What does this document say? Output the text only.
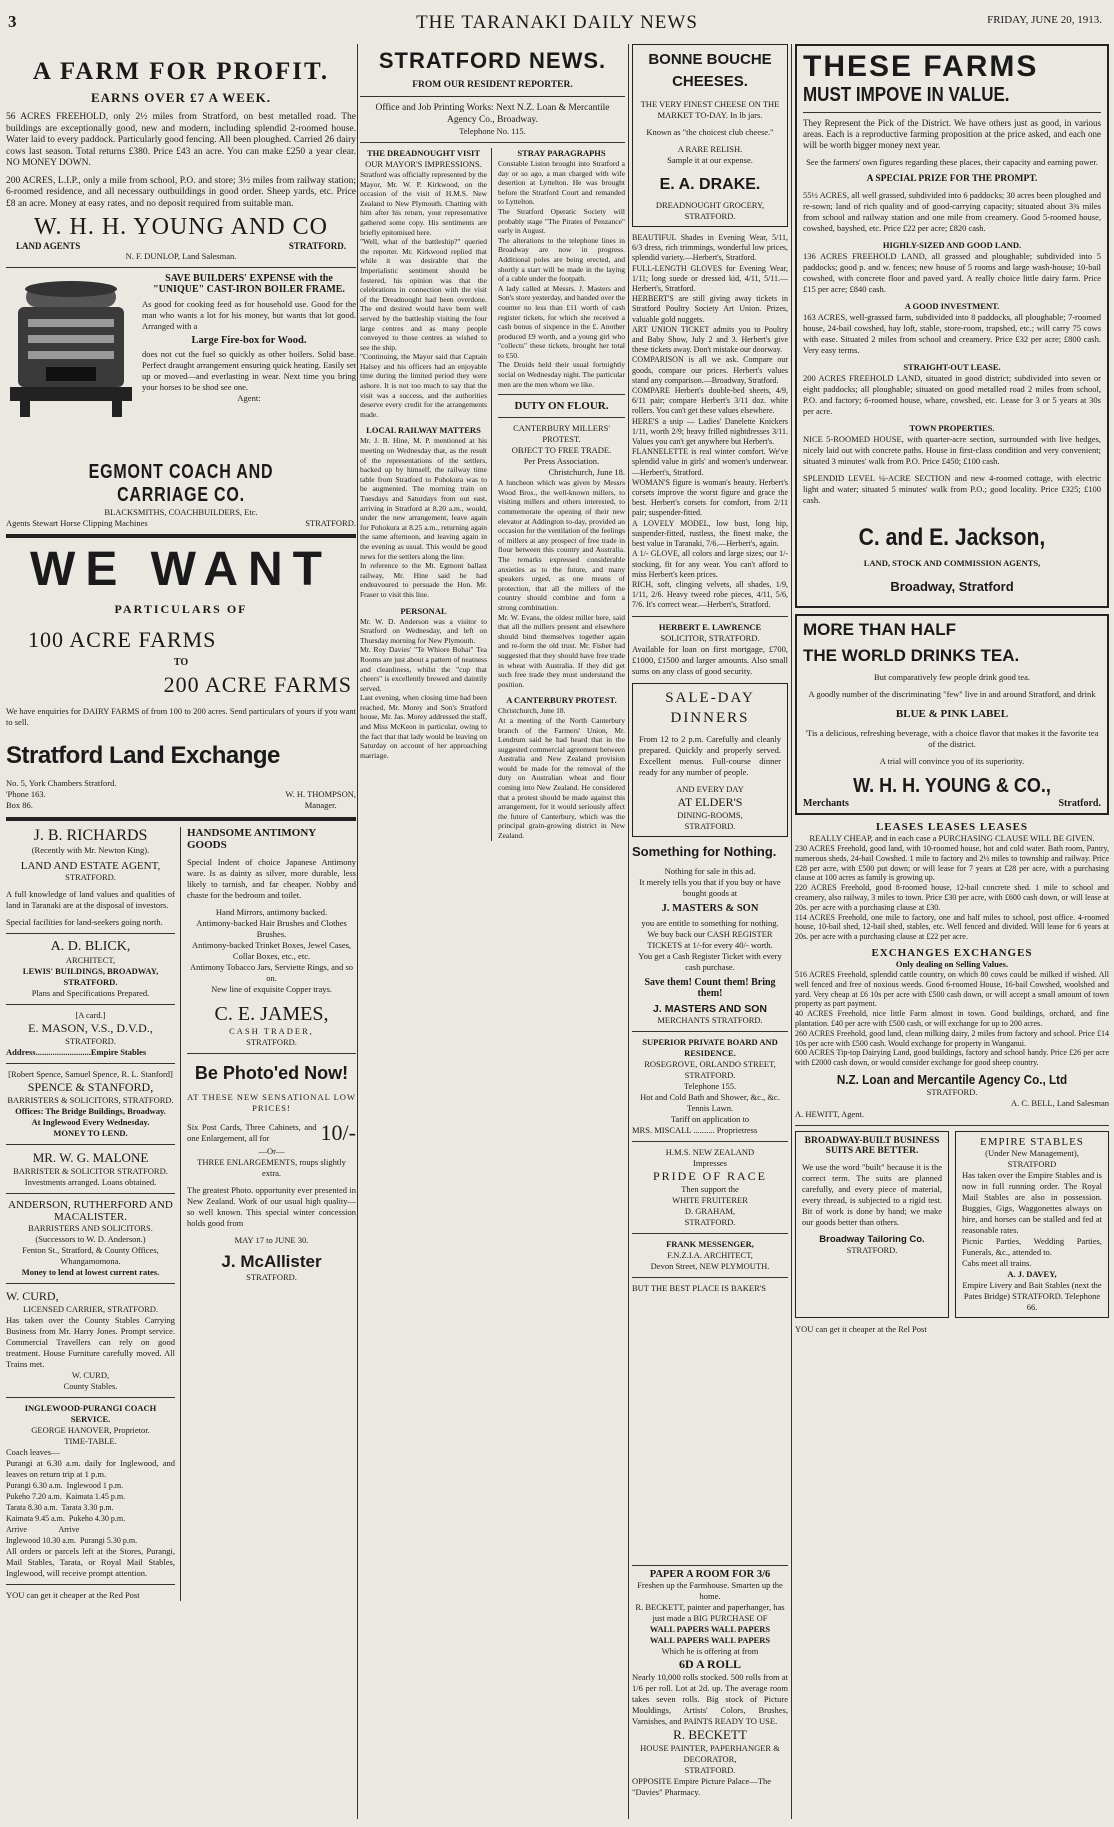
3	THE TARANAKI DAILY NEWS	FRIDAY, JUNE 20, 1913.
A FARM FOR PROFIT.
EARNS OVER £7 A WEEK.

56 ACRES FREEHOLD, only 2½ miles from Stratford, on best metalled road. The buildings are exceptionally good, new and modern, including splendid 2-roomed house. Water laid to every paddock. Particularly good fencing. All been ploughed. Carried 26 dairy cows last season. Total returns £380. Price £43 an acre. You can make £250 a year clear. NO MONEY DOWN.

200 ACRES, L.I.P., only a mile from school, P.O. and store; 3½ miles from railway station; 6-roomed residence, and all necessary outbuildings in good order. Sheep yards, etc. Price £8 an acre. Money at easy rates, and no deposit required from suitable man.

W. H. H. YOUNG AND CO
LAND AGENTS	STRATFORD.
N. F. DUNLOP, Land Salesman.
SAVE BUILDERS' EXPENSE with the
"UNIQUE" CAST-IRON BOILER FRAME.

As good for cooking feed as for household use. Good for the man who wants a lot for his money, but wants that lot good. Arranged with a

Large Fire-box for Wood.

does not cut the fuel so quickly as other boilers. Solid base. Perfect draught arrangement ensuring quick heating. Easily set up or moved—and everlasting in wear. Next time you bring your horses to be shod see one.

Agent:
EGMONT COACH AND CARRIAGE CO.
BLACKSMITHS, COACHBUILDERS, Etc.
Agents Stewart Horse Clipping Machines	STRATFORD.
WE WANT
PARTICULARS OF
100 ACRE FARMS
TO
200 ACRE FARMS

We have enquiries for DAIRY FARMS of from 100 to 200 acres. Send particulars of yours if you want to sell.

Stratford Land Exchange
No. 5, York Chambers Stratford.
'Phone 163.
Box 86.
W. H. THOMPSON,
Manager.
J. B. RICHARDS
(Recently with Mr. Newton King).
LAND AND ESTATE AGENT,
STRATFORD.

A full knowledge of land values and qualities of land in Taranaki are at the disposal of investors.

Special facilities for land-seekers going north.

A. D. BLICK,
ARCHITECT,
LEWIS' BUILDINGS, BROADWAY, STRATFORD.
Plans and Specifications Prepared.
[A card.]
E. MASON, V.S., D.V.D.,
STRATFORD.
Address..........................Empire Stables
[Robert Spence, Samuel Spence, R. L. Stanford]
SPENCE & STANFORD,
BARRISTERS & SOLICITORS, STRATFORD.
Offices: The Bridge Buildings, Broadway.
At Inglewood Every Wednesday.
MONEY TO LEND.
MR. W. G. MALONE
BARRISTER & SOLICITOR STRATFORD.
Investments arranged. Loans obtained.
ANDERSON, RUTHERFORD AND MACALISTER.
BARRISTERS AND SOLICITORS.
(Successors to W. D. Anderson.)
Fenton St., Stratford, & County Offices, Whangamomona.
Money to lend at lowest current rates.
W. CURD,
LICENSED CARRIER, STRATFORD.

Has taken over the County Stables Carrying Business from Mr. Harry Jones. Prompt service. Commercial Travellers can rely on good treatment. House Furniture carefully moved. All Trains met.

W. CURD,
County Stables.
INGLEWOOD-PURANGI COACH SERVICE.
GEORGE HANOVER, Proprietor.
TIME-TABLE.

Coach leaves—
Purangi at 6.30 a.m. daily for Inglewood, and leaves on return trip at 1 p.m.

Purangi 6.30 a.m.  Inglewood 1 p.m.
Pukeho 7.20 a.m.  Kaimata 1.45 p.m.
Tarata 8.30 a.m.  Tarata 3.30 p.m.
Kaimata 9.45 a.m.  Pukeho 4.30 p.m.
Arrive                Arrive
Inglewood 10.30 a.m.  Purangi 5.30 p.m.

All orders or parcels left at the Stores, Purangi, Mail Stables, Tarata, or Royal Mail Stables, Inglewood, will receive prompt attention.

YOU can get it cheaper at the Red Post
HANDSOME ANTIMONY GOODS

Special Indent of choice Japanese Antimony ware. Is as dainty as silver, more durable, less likely to tarnish, and far cheaper. Nobby and chaste for the bedroom and toilet.

Hand Mirrors, antimony backed.
Antimony-backed Hair Brushes and Clothes Brushes.
Antimony-backed Trinket Boxes, Jewel Cases, Collar Boxes, etc., etc.
Antimony Tobacco Jars, Serviette Rings, and so on.
New line of exquisite Copper trays.

C. E. JAMES,
CASH TRADER,
STRATFORD.
Be Photo'ed Now!
AT THESE NEW SENSATIONAL LOW PRICES!

Six Post Cards, Three Cabinets, and one Enlargement, all for	10/-
—Or—
THREE ENLARGEMENTS, roups slightly extra.

The greatest Photo. opportunity ever presented in New Zealand. Work of our usual high quality—so well known. This special winter concession holds good from

MAY 17 to JUNE 30.
J. McAllister
STRATFORD.
STRATFORD NEWS.
FROM OUR RESIDENT REPORTER.
Office and Job Printing Works: Next N.Z. Loan & Mercantile Agency Co., Broadway.
Telephone No. 115.
THE DREADNOUGHT VISIT
OUR MAYOR'S IMPRESSIONS.

Stratford was officially represented by the Mayor, Mr. W. P. Kirkwood, on the occasion of the visit of H.M.S. New Zealand to New Plymouth. Chatting with him after his return, your representative gathered some copy. His sentiments are briefly epitomised here.
"Well, what of the battleship?" queried the reporter. Mr. Kirkwood replied that while it was desirable that the Imperialistic sentiment should be fostered, his opinion was that the celebrations in connection with the visit of the Dreadnought had been overdone. The end desired would have been well served by the battleship visiting the four large centres and as many people conveyed to those centres as wished to see the ship.
"Continuing, the Mayor said that Captain Halsey and his officers had an enjoyable time during the limited period they were ashore. It is not too much to say that the visit was a success, and the authorities deserve every credit for the arrangements made.

LOCAL RAILWAY MATTERS

Mr. J. B. Hine, M. P. mentioned at his meeting on Wednesday that, as the result of the representations of the settlers, backed up by himself, the railway time table from Stratford to Pohokura was to be augmented. The morning train on Tuesdays and Saturdays from out east, arriving in Stratford at 8.20 a.m., would, under the new arrangement, leave again for Pohokura at 8.25 a.m., returning again the same afternoon, and leaving again in the evening as usual. This would be good news for the settlers along the line.
In reference to the Mt. Egmont ballast railway, Mr. Hine said he had endeavoured to persuade the Hon. Mr. Fraser to visit this line.

PERSONAL

Mr. W. D. Anderson was a visitor to Stratford on Wednesday, and left on Thursday morning for New Plymouth.
Mr. Roy Davies' "Te Whiore Bohai" Tea Rooms are just about a pattern of neatness and cleanliness, whilst the "cup that cheers" is excellently brewed and daintily served.
Last evening, when closing time had been reached, Mr. Morey and Son's Stratford house, Mr. Jas. Morey addressed the staff, and Miss McKeon in particular, owing to the fact that that lady would be leaving on Saturday on account of her approaching marriage.

STRAY PARAGRAPHS

Constable Liston brought into Stratford a day or so ago, a man charged with wife desertion at Lyttelton. He was brought before the Stratford Court and remanded to Lyttelton.
The Stratford Operatic Society will probably stage "The Pirates of Penzance" early in August.
The alterations to the telephone lines in Broadway are now in progress. Additional poles are being erected, and shortly a start will be made in the laying of a cable under the footpath.
A lady called at Messrs. J. Masters and Son's store yesterday, and handed over the counter no less than £11 worth of cash register tickets, for which she received a cash bonus of sixpence in the £. Another produced £9 worth, and a young girl who "collects" these tickets, brought her total to £50.
The Druids held their usual fortnightly social on Wednesday night. The particular men are the men whom we like.

DUTY ON FLOUR.
CANTERBURY MILLERS' PROTEST.
OBJECT TO FREE TRADE.
Per Press Association.
Christchurch, June 18.

A luncheon which was given by Messrs Wood Bros., the well-known millers, to visiting millers and others interested, to commemorate the opening of their new elevator at Addington to-day, provided an occasion for the ventilation of the feelings of millers at any prospect of free trade in flour between this country and Australia. The remarks expressed considerable anxieties as to the future, and many speakers urged, as one means of protection, that all the millers of the country should combine and form a strong combination.
Mr. W. Evans, the oldest miller here, said that all the millers present and elsewhere should bind themselves together again and re-form the old trust. Mr. Fisher had suggested that they should have free trade in wheat with Australia. If they did get such free trade they must understand the position.

A CANTERBURY PROTEST.

Christchurch, June 18.
At a meeting of the North Canterbury branch of the Farmers' Union, Mr. Lendrum said he had heard that in the suggested commercial agreement between Australia and New Zealand provision would be made for the removal of the duty on Australian wheat and flour coming into New Zealand. He considered that a protest should be made against this arrangement, for it would seriously affect the future of Canterbury, which was the principal grain-growing district in New Zealand.

BONNE BOUCHE CHEESES.
THE VERY FINEST CHEESE ON THE MARKET TO-DAY. In lb jars.
Known as "the choicest club cheese."
A RARE RELISH.
Sample it at our expense.
E. A. DRAKE.
DREADNOUGHT GROCERY,
STRATFORD.

BEAUTIFUL Shades in Evening Wear, 5/11, 6/3 dress, rich trimmings, wonderful low prices, splendid variety.—Herbert's, Stratford.
FULL-LENGTH GLOVES for Evening Wear, 1/11; long suede or dressed kid, 4/11, 5/11.—Herbert's, Stratford.
HERBERT'S are still giving away tickets in Stratford Poultry Society Art Union. Prizes, valuable gold nuggets.
ART UNION TICKET admits you to Poultry and Baby Show, July 2 and 3. Herbert's give these tickets away. Don't mistake our doorway.
COMPARISON is all we ask. Compare our goods, compare our prices. Herbert's values stand any comparison.—Broadway, Stratford.
COMPARE Herbert's double-bed sheets, 4/9, 6/11 pair; compare Herbert's 3/11 doz. white rollers. You can't get these values elsewhere.
HERE'S a snip — Ladies' Danelette Knickers 1/11, worth 2/9; heavy frilled nightdresses 3/11. Values you can't get anywhere but Herbert's.
FLANNELETTE is real winter comfort. We've splendid value in girls' and women's underwear.—Herbert's, Stratford.
WOMAN'S figure is woman's beauty. Herbert's corsets improve the worst figure and grace the best. Herbert's corsets for comfort, from 2/11 pair; suspender-fitted.
A LOVELY MODEL, low bust, long hip, suspender-fitted, rustless, the finest make, the best value in Taranaki, 7/6.—Herbert's, again.
A 1/- GLOVE, all colors and large sizes; our 1/- stocking, fit for any wear. You can't afford to miss Herbert's keen prices.
RICH, soft, clinging velvets, all shades, 1/9, 1/11, 2/6. Heavy tweed robe pieces, 4/11, 5/6, 7/6. It's correct wear.—Herbert's, Stratford.

HERBERT E. LAWRENCE
SOLICITOR, STRATFORD.

Available for loan on first mortgage, £700, £1000, £1500 and larger amounts. Also small sums on any class of good security.

SALE-DAY DINNERS

From 12 to 2 p.m. Carefully and cleanly prepared. Quickly and properly served. Excellent menus. Full-course dinner ready for any number of people.

AND EVERY DAY
AT ELDER'S
DINING-ROOMS,
STRATFORD.
Something for Nothing.

Nothing for sale in this ad.
It merely tells you that if you buy or have bought goods at

J. MASTERS & SON

you are entitle to something for nothing.
We buy back our CASH REGISTER TICKETS at 1/-for every 40/- worth.
You get a Cash Register Ticket with every cash purchase.

Save them! Count them! Bring them!
J. MASTERS AND SON
MERCHANTS STRATFORD.
SUPERIOR PRIVATE BOARD AND RESIDENCE.
ROSEGROVE, ORLANDO STREET, STRATFORD.
Telephone 155.

Hot and Cold Bath and Shower, &c., &c. Tennis Lawn.
Tariff on application to

MRS. MISCALL .......... Proprietress
H.M.S. NEW ZEALAND
Impresses
PRIDE OF RACE
Then support the
WHITE FRUITERER
D. GRAHAM,
STRATFORD.
FRANK MESSENGER,
F.N.Z.I.A. ARCHITECT,
Devon Street, NEW PLYMOUTH.
BUT THE BEST PLACE IS BAKER'S
THESE FARMS
MUST IMPOVE IN VALUE.

They Represent the Pick of the District. We have others just as good, in various areas. Each is a reproductive farming proposition at the price asked, and each one will be worth bigger money next year.

See the farmers' own figures regarding these places, their capacity and earning power.
A SPECIAL PRIZE FOR THE PROMPT.

55½ ACRES, all well grassed, subdivided into 6 paddocks; 30 acres been ploughed and re-sown; land of rich quality and of good-carrying capacity; situated about 3¾ miles from school and railway station and one mile from creamery. Good 5-roomed house, cowshed, bayshed, etc. Price £22 per acre; £820 cash.

HIGHLY-SIZED AND GOOD LAND.

136 ACRES FREEHOLD LAND, all grassed and ploughable; subdivided into 5 paddocks; good p. and w. fences; new house of 5 rooms and large wash-house; 10-bail cowshed, with concrete floor and paved yard. A really choice little dairy farm. Price £15 per acre; £840 cash.

A GOOD INVESTMENT.

163 ACRES, well-grassed farm, subdivided into 8 paddocks, all ploughable; 7-roomed house, 24-bail cowshed, hay loft, stable, store-room, trapshed, etc.; will carry 75 cows with ease. Situated 2 miles from school and creamery. Price £32 per acre; £800 cash. Very easy terms.

STRAIGHT-OUT LEASE.

200 ACRES FREEHOLD LAND, situated in good district; subdivided into seven or eight paddocks; all ploughable; situated on good metalled road 2 miles from school, P.O. and factory; 6-roomed house, whare, cowshed, etc. Lease for 3 or 5 years at 30s per acre.

TOWN PROPERTIES.

NICE 5-ROOMED HOUSE, with quarter-acre section, surrounded with live hedges, nicely laid out with concrete paths. House in first-class condition and very convenient; situated 3 minutes' walk from P.O. Price £450; £100 cash.

SPLENDID LEVEL ¼-ACRE SECTION and new 4-roomed cottage, with electric light and water; situated 5 minutes' walk from P.O.; good locality. Price £325; £100 cash.

C. and E. Jackson,
LAND, STOCK AND COMMISSION AGENTS,
Broadway, Stratford
MORE THAN HALF
THE WORLD DRINKS TEA.
But comparatively few people drink good tea.
A goodly number of the discriminating "few" live in and around Stratford, and drink
BLUE & PINK LABEL
'Tis a delicious, refreshing beverage, with a choice flavor that makes it the favorite tea of the district.
A trial will convince you of its superiority.
W. H. H. YOUNG & CO.,
Merchants	Stratford.
LEASES LEASES LEASES
REALLY CHEAP, and in each case a PURCHASING CLAUSE WILL BE GIVEN.

230 ACRES Freehold, good land, with 10-roomed house, hot and cold water. Bath room, Pantry, numerous sheds, 24-bail Cowshed. 1 mile to factory and 2½ miles to township and railway. Price £28 per acre, with £500 put down; or will lease for 7 years at £28 per acre, with a purchasing clause at 100 acres as family is growing up.
220 ACRES Freehold, good 8-roomed house, 12-bail concrete shed. 1 mile to school and creamery, also railway, 3 miles to town. Price £30 per acre, with £600 cash down, or will lease at 20s. per acre with a purchasing clause at £30.
114 ACRES Freehold, one mile to factory, one and half miles to school, post office. 4-roomed house, 10-bail shed, 12-bail shed, stables, etc. Well fenced and divided. Will lease for 6 years at 20s. per acre with a purchasing clause at £22 per acre.

EXCHANGES EXCHANGES
Only dealing on Selling Values.

516 ACRES Freehold, splendid cattle country, on which 80 cows could be milked if wished. All well fenced and free of noxious weeds. Good 6-roomed House, 16-bail Cowshed, woolshed and yard. Very cheap at £6 10s per acre with £500 cash down, or will accept a small amount of town property as part payment.
40 ACRES Freehold, nice little Farm almost in town. Good buildings, orchard, and fine plantation. £40 per acre with £500 cash, or will exchange for up to 200 acres.
260 ACRES Freehold, good land, clean milking dairy, 2 miles from factory and school. Price £14 10s per acre with £500 cash. Would exchange for property in Wanganui.
600 ACRES Tip-top Dairying Land, good buildings, factory and school handy. Price £26 per acre with £2000 cash down, or would consider exchange for good sheep country.

N.Z. Loan and Mercantile Agency Co., Ltd
STRATFORD.
A. C. BELL, Land Salesman
A. HEWITT, Agent.
BROADWAY-BUILT BUSINESS SUITS ARE BETTER.

We use the word "built" because it is the correct term. The suits are planned carefully, and every piece of material, every thread, is subjected to a rigid test. Bit of work is done by hand; we make our goods better than others.

Broadway Tailoring Co.
STRATFORD.
EMPIRE STABLES
(Under New Management), STRATFORD

Has taken over the Empire Stables and is now in full running order. The Royal Mail Stables are also in possession. Buggies, Gigs, Waggonettes always on hire, and horses can be stalled and fed at reasonable rates.
Picnic Parties, Wedding Parties, Funerals, &c., attended to.
Cabs meet all trains.

A. J. DAVEY,
Empire Livery and Bait Stables (next the Pates Bridge) STRATFORD. Telephone 66.
YOU can get it cheaper at the Rel Post
PAPER A ROOM FOR 3/6
Freshen up the Farmhouse. Smarten up the home.

R. BECKETT, painter and paperhanger, has just made a BIG PURCHASE OF

WALL PAPERS WALL PAPERS
WALL PAPERS WALL PAPERS
Which he is offering at from
6D A ROLL

Nearly 10,000 rolls stocked. 500 rolls from at 1/6 per roll. Lot at 2d. up. The average room takes seven rolls. Big stock of Picture Mouldings, Artists' Colors, Brushes, Varnishes, and PAINTS READY TO USE.

R. BECKETT
HOUSE PAINTER, PAPERHANGER & DECORATOR,
STRATFORD.
OPPOSITE Empire Picture Palace—The "Davies" Pharmacy.
